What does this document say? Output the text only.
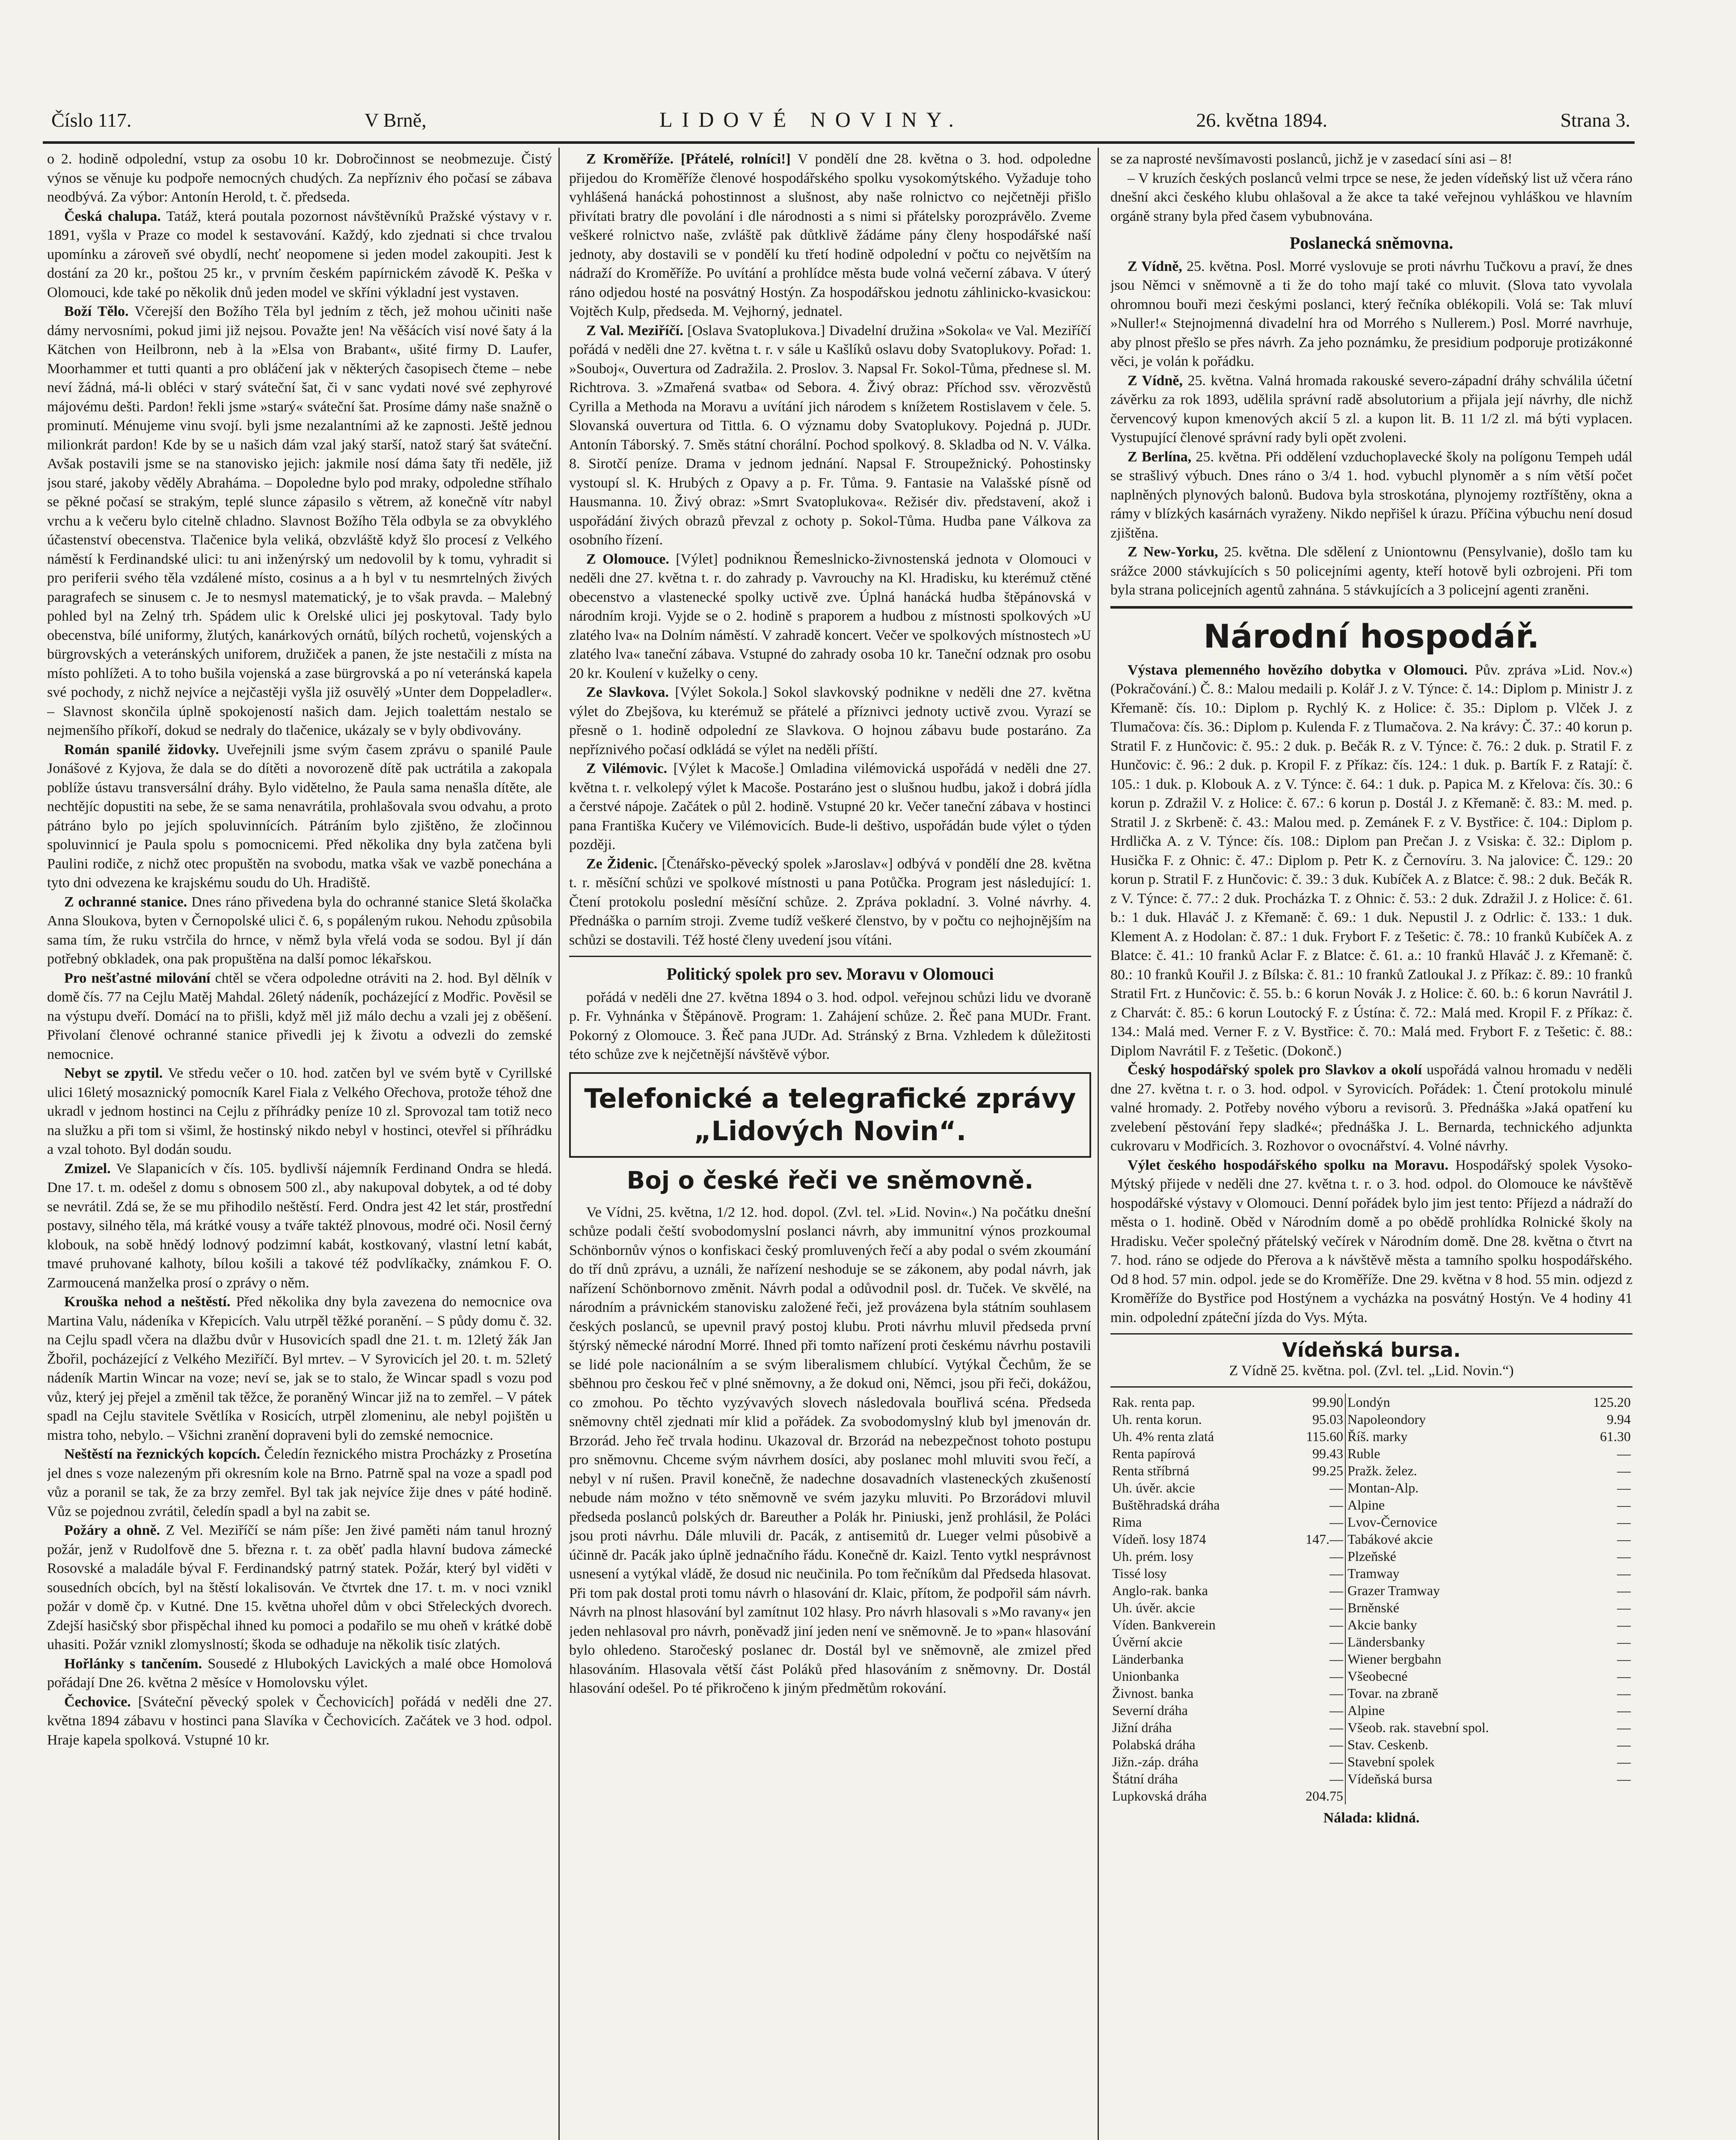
Číslo 117.	V Brně,	LIDOVÉ NOVINY.	26. května 1894.	Strana 3.

o 2. hodině odpolední, vstup za osobu 10 kr. Dobročinnost se neobmezuje. Čistý výnos se věnuje ku podpoře nemocných chudých. Za nepřízniv ého počasí se zábava neodbývá. Za výbor: Antonín Herold, t. č. předseda.

Česká chalupa. Tatáž, která poutala pozornost návštěvníků Pražské výstavy v r. 1891, vyšla v Praze co model k sestavování. Každý, kdo zjednati si chce trvalou upomínku a zároveň své obydlí, nechť neopomene si jeden model zakoupiti. Jest k dostání za 20 kr., poštou 25 kr., v prvním českém papírnickém závodě K. Peška v Olomouci, kde také po několik dnů jeden model ve skříni výkladní jest vystaven.

Boží Tělo. Včerejší den Božího Těla byl jedním z těch, jež mohou učiniti naše dámy nervosními, pokud jimi již nejsou. Považte jen! Na věšácích visí nové šaty á la Kätchen von Heilbronn, neb à la »Elsa von Brabant«, ušité firmy D. Laufer, Moorhammer et tutti quanti a pro obláčení jak v některých časopisech čteme – nebe neví žádná, má-li obléci v starý sváteční šat, či v sanc vydati nové své zephyrové májovému dešti. Pardon! řekli jsme »starý« sváteční šat. Prosíme dámy naše snažně o prominutí. Ménujeme vinu svojí. byli jsme nezalantními až ke zapnosti. Ještě jednou milionkrát pardon! Kde by se u našich dám vzal jaký starší, natož starý šat sváteční. Avšak postavili jsme se na stanovisko jejich: jakmile nosí dáma šaty tři neděle, již jsou staré, jakoby věděly Abraháma. – Dopoledne bylo pod mraky, odpoledne stříhalo se pěkné počasí se strakým, teplé slunce zápasilo s větrem, až konečně vítr nabyl vrchu a k večeru bylo citelně chladno. Slavnost Božího Těla odbyla se za obvyklého účastenství obecenstva. Tlačenice byla veliká, obzvláště když šlo procesí z Velkého náměstí k Ferdinandské ulici: tu ani inženýrský um nedovolil by k tomu, vyhradit si pro periferii svého těla vzdálené místo, cosinus a a h byl v tu nesmrtelných živých paragrafech se sinusem c. Je to nesmysl matematický, je to však pravda. – Malebný pohled byl na Zelný trh. Spádem ulic k Orelské ulici jej poskytoval. Tady bylo obecenstva, bílé uniformy, žlutých, kanárkových ornátů, bílých rochetů, vojenských a bürgrovských a veteránských uniforem, družiček a panen, že jste nestačili z místa na místo pohlížeti. A to toho bušila vojenská a zase bürgrovská a po ní veteránská kapela své pochody, z nichž nejvíce a nejčastěji vyšla již osuvělý »Unter dem Doppeladler«. – Slavnost skončila úplně spokojeností našich dam. Jejich toalettám nestalo se nejmenšího příkoří, dokud se nedraly do tlačenice, ukázaly se v byly obdivovány.

Román spanilé židovky. Uveřejnili jsme svým časem zprávu o spanilé Paule Jonášové z Kyjova, že dala se do dítěti a novorozeně dítě pak uctrátila a zakopala poblíže ústavu transversální dráhy. Bylo vidětelno, že Paula sama nenašla dítěte, ale nechtějíc dopustiti na sebe, že se sama nenavrátila, prohlašovala svou odvahu, a proto pátráno bylo po jejích spoluvinnících. Pátráním bylo zjištěno, že zločinnou spoluvinnicí je Paula spolu s pomocnicemi. Před několika dny byla zatčena byli Paulini rodiče, z nichž otec propuštěn na svobodu, matka však ve vazbě ponechána a tyto dni odvezena ke krajskému soudu do Uh. Hradiště.

Z ochranné stanice. Dnes ráno přivedena byla do ochranné stanice Sletá školačka Anna Sloukova, byten v Černopolské ulici č. 6, s popáleným rukou. Nehodu způsobila sama tím, že ruku vstrčila do hrnce, v němž byla vřelá voda se sodou. Byl jí dán potřebný obkladek, ona pak propuštěna na další pomoc lékařskou.

Pro nešťastné milování chtěl se včera odpoledne otráviti na 2. hod. Byl dělník v domě čís. 77 na Cejlu Matěj Mahdal. 26letý nádeník, pocházející z Modřic. Pověsil se na výstupu dveří. Domácí na to přišli, když měl již málo dechu a vzali jej z oběšení. Přivolaní členové ochranné stanice přivedli jej k životu a odvezli do zemské nemocnice.

Nebyt se zpytil. Ve středu večer o 10. hod. zatčen byl ve svém bytě v Cyrillské ulici 16letý mosaznický pomocník Karel Fiala z Velkého Ořechova, protože téhož dne ukradl v jednom hostinci na Cejlu z příhrádky peníze 10 zl. Sprovozal tam totiž neco na služku a při tom si všiml, že hostinský nikdo nebyl v hostinci, otevřel si příhrádku a vzal tohoto. Byl dodán soudu.

Zmizel. Ve Slapanicích v čís. 105. bydlivší nájemník Ferdinand Ondra se hledá. Dne 17. t. m. odešel z domu s obnosem 500 zl., aby nakupoval dobytek, a od té doby se nevrátil. Zdá se, že se mu přihodilo neštěstí. Ferd. Ondra jest 42 let stár, prostřední postavy, silného těla, má krátké vousy a tváře taktéž plnovous, modré oči. Nosil černý klobouk, na sobě hnědý lodnový podzimní kabát, kostkovaný, vlastní letní kabát, tmavé pruhované kalhoty, bílou košili a takové též podvlíkačky, známkou F. O. Zarmoucená manželka prosí o zprávy o něm.

Krouška nehod a neštěstí. Před několika dny byla zavezena do nemocnice ova Martina Valu, nádeníka v Křepicích. Valu utrpěl těžké poranění. – S půdy domu č. 32. na Cejlu spadl včera na dlažbu dvůr v Husovicích spadl dne 21. t. m. 12letý žák Jan Žbořil, pocházející z Velkého Meziříčí. Byl mrtev. – V Syrovicích jel 20. t. m. 52letý nádeník Martin Wincar na voze; neví se, jak se to stalo, že Wincar spadl s vozu pod vůz, který jej přejel a změnil tak těžce, že poraněný Wincar již na to zemřel. – V pátek spadl na Cejlu stavitele Světlíka v Rosicích, utrpěl zlomeninu, ale nebyl pojištěn u mistra toho, nebylo. – Všichni zranění dopraveni byli do zemské nemocnice.

Neštěstí na řeznických kopcích. Čeledín řeznického mistra Procházky z Prosetína jel dnes s voze nalezeným při okresním kole na Brno. Patrně spal na voze a spadl pod vůz a poranil se tak, že za brzy zemřel. Byl tak jak nejvíce žije dnes v páté hodině. Vůz se pojednou zvrátil, čeledín spadl a byl na zabit se.

Požáry a ohně. Z Vel. Meziříčí se nám píše: Jen živé paměti nám tanul hrozný požár, jenž v Rudolfově dne 5. března r. t. za oběť padla hlavní budova zámecké Rosovské a maladále býval F. Ferdinandský patrný statek. Požár, který byl viděti v sousedních obcích, byl na štěstí lokalisován. Ve čtvrtek dne 17. t. m. v noci vznikl požár v domě čp. v Kutné. Dne 15. května uhořel dům v obci Střeleckých dvorech. Zdejší hasičský sbor přispěchal ihned ku pomoci a podařilo se mu oheň v krátké době uhasiti. Požár vznikl zlomyslností; škoda se odhaduje na několik tisíc zlatých.

Hořlánky s tančením. Sousedé z Hlubokých Lavických a malé obce Homolová pořádají Dne 26. května 2 měsíce v Homolovsku výlet.

Čechovice. [Sváteční pěvecký spolek v Čechovicích] pořádá v neděli dne 27. května 1894 zábavu v hostinci pana Slavíka v Čechovicích. Začátek ve 3 hod. odpol. Hraje kapela spolková. Vstupné 10 kr.

Z Kroměříže. [Přátelé, rolníci!] V pondělí dne 28. května o 3. hod. odpoledne přijedou do Kroměříže členové hospodářského spolku vysokomýtského. Vyžaduje toho vyhlášená hanácká pohostinnost a slušnost, aby naše rolnictvo co nejčetněji přišlo přivítati bratry dle povolání i dle národnosti a s nimi si přátelsky porozprávělo. Zveme veškeré rolnictvo naše, zvláště pak důtklivě žádáme pány členy hospodářské naší jednoty, aby dostavili se v pondělí ku třetí hodině odpolední v počtu co největším na nádraží do Kroměříže. Po uvítání a prohlídce města bude volná večerní zábava. V úterý ráno odjedou hosté na posvátný Hostýn. Za hospodářskou jednotu záhlinicko-kvasickou: Vojtěch Kulp, předseda. M. Vejhorný, jednatel.

Z Val. Meziříčí. [Oslava Svatoplukova.] Divadelní družina »Sokola« ve Val. Meziříčí pořádá v neděli dne 27. května t. r. v sále u Kašlíků oslavu doby Svatoplukovy. Pořad: 1. »Souboj«, Ouvertura od Zadražila. 2. Proslov. 3. Napsal Fr. Sokol-Tůma, přednese sl. M. Richtrova. 3. »Zmařená svatba« od Sebora. 4. Živý obraz: Příchod ssv. věrozvěstů Cyrilla a Methoda na Moravu a uvítání jich národem s knížetem Rostislavem v čele. 5. Slovanská ouvertura od Tittla. 6. O významu doby Svatoplukovy. Pojedná p. JUDr. Antonín Táborský. 7. Směs státní chorální. Pochod spolkový. 8. Skladba od N. V. Válka. 8. Sirotčí peníze. Drama v jednom jednání. Napsal F. Stroupežnický. Pohostinsky vystoupí sl. K. Hrubých z Opavy a p. Fr. Tůma. 9. Fantasie na Valašské písně od Hausmanna. 10. Živý obraz: »Smrt Svatoplukova«. Režisér div. představení, akož i uspořádání živých obrazů převzal z ochoty p. Sokol-Tůma. Hudba pane Válkova za osobního řízení.

Z Olomouce. [Výlet] podniknou Řemeslnicko-živnostenská jednota v Olomouci v neděli dne 27. května t. r. do zahrady p. Vavrouchy na Kl. Hradisku, ku kterémuž ctěné obecenstvo a vlastenecké spolky uctivě zve. Úplná hanácká hudba štěpánovská v národním kroji. Vyjde se o 2. hodině s praporem a hudbou z místnosti spolkových »U zlatého lva« na Dolním náměstí. V zahradě koncert. Večer ve spolkových místnostech »U zlatého lva« taneční zábava. Vstupné do zahrady osoba 10 kr. Taneční odznak pro osobu 20 kr. Koulení v kuželky o ceny.

Ze Slavkova. [Výlet Sokola.] Sokol slavkovský podnikne v neděli dne 27. května výlet do Zbejšova, ku kterémuž se přátelé a příznivci jednoty uctivě zvou. Vyrazí se přesně o 1. hodině odpolední ze Slavkova. O hojnou zábavu bude postaráno. Za nepříznivého počasí odkládá se výlet na neděli příští.

Z Vilémovic. [Výlet k Macoše.] Omladina vilémovická uspořádá v neděli dne 27. května t. r. velkolepý výlet k Macoše. Postaráno jest o slušnou hudbu, jakož i dobrá jídla a čerstvé nápoje. Začátek o půl 2. hodině. Vstupné 20 kr. Večer taneční zábava v hostinci pana Františka Kučery ve Vilémovicích. Bude-li deštivo, uspořádán bude výlet o týden později.

Ze Židenic. [Čtenářsko-pěvecký spolek »Jaroslav«] odbývá v pondělí dne 28. května t. r. měsíční schůzi ve spolkové místnosti u pana Potůčka. Program jest následující: 1. Čtení protokolu poslední měsíční schůze. 2. Zpráva pokladní. 3. Volné návrhy. 4. Přednáška o parním stroji. Zveme tudíž veškeré členstvo, by v počtu co nejhojnějším na schůzi se dostavili. Též hosté členy uvedení jsou vítáni.

Politický spolek pro sev. Moravu v Olomouci

pořádá v neděli dne 27. května 1894 o 3. hod. odpol. veřejnou schůzi lidu ve dvoraně p. Fr. Vyhnánka v Štěpánově. Program: 1. Zahájení schůze. 2. Řeč pana MUDr. Frant. Pokorný z Olomouce. 3. Řeč pana JUDr. Ad. Stránský z Brna. Vzhledem k důležitosti této schůze zve k nejčetnější návštěvě výbor.

Telefonické a telegrafické zprávy
„Lidových Novin“.
Boj o české řeči ve sněmovně.

Ve Vídni, 25. května, 1/2 12. hod. dopol. (Zvl. tel. »Lid. Novin«.) Na počátku dnešní schůze podali čeští svobodomyslní poslanci návrh, aby immunitní výnos prozkoumal Schönbornův výnos o konfiskaci český promluvených řečí a aby podal o svém zkoumání do tří dnů zprávu, a uználi, že nařízení neshoduje se se zákonem, aby podal návrh, jak nařízení Schönbornovo změnit. Návrh podal a odůvodnil posl. dr. Tuček. Ve skvělé, na národním a právnickém stanovisku založené řeči, jež provázena byla státním souhlasem českých poslanců, se upevnil pravý postoj klubu. Proti návrhu mluvil předseda první štýrský německé národní Morré. Ihned při tomto nařízení proti českému návrhu postavili se lidé pole nacionálním a se svým liberalismem chlubící. Vytýkal Čechům, že se sběhnou pro českou řeč v plné sněmovny, a že dokud oni, Němci, jsou při řeči, dokážou, co zmohou. Po těchto vyzývavých slovech následovala bouřlivá scéna. Předseda sněmovny chtěl zjednati mír klid a pořádek. Za svobodomyslný klub byl jmenován dr. Brzorád. Jeho řeč trvala hodinu. Ukazoval dr. Brzorád na nebezpečnost tohoto postupu pro sněmovnu. Chceme svým návrhem dosíci, aby poslanec mohl mluviti svou řečí, a nebyl v ní rušen. Pravil konečně, že nadechne dosavadních vlasteneckých zkušeností nebude nám možno v této sněmovně ve svém jazyku mluviti. Po Brzorádovi mluvil předseda poslanců polských dr. Bareuther a Polák hr. Piniuski, jenž prohlásil, že Poláci jsou proti návrhu. Dále mluvili dr. Pacák, z antisemitů dr. Lueger velmi působivě a účinně dr. Pacák jako úplně jednačního řádu. Konečně dr. Kaizl. Tento vytkl nesprávnost usnesení a vytýkal vládě, že dosud nic neučinila. Po tom řečníkům dal Předseda hlasovat. Při tom pak dostal proti tomu návrh o hlasování dr. Klaic, přítom, že podpořil sám návrh. Návrh na plnost hlasování byl zamítnut 102 hlasy. Pro návrh hlasovali s »Mo ravany« jen jeden nehlasoval pro návrh, poněvadž jiní jeden není ve sněmovně. Je to »pan« hlasování bylo ohledeno. Staročeský poslanec dr. Dostál byl ve sněmovně, ale zmizel před hlasováním. Hlasovala větší část Poláků před hlasováním z sněmovny. Dr. Dostál hlasování odešel. Po té přikročeno k jiným předmětům rokování.

se za naprosté nevšímavosti poslanců, jichž je v zasedací síni asi – 8!

– V kruzích českých poslanců velmi trpce se nese, že jeden vídeňský list už včera ráno dnešní akci českého klubu ohlašoval a že akce ta také veřejnou vyhláškou ve hlavním orgáně strany byla před časem vybubnována.

Poslanecká sněmovna.

Z Vídně, 25. května. Posl. Morré vyslovuje se proti návrhu Tučkovu a praví, že dnes jsou Němci v sněmovně a ti že do toho mají také co mluvit. (Slova tato vyvolala ohromnou bouři mezi českými poslanci, který řečníka oblékopili. Volá se: Tak mluví »Nuller!« Stejnojmenná divadelní hra od Morrého s Nullerem.) Posl. Morré navrhuje, aby plnost přešlo se přes návrh. Za jeho poznámku, že presidium podporuje protizákonné věci, je volán k pořádku.

Z Vídně, 25. května. Valná hromada rakouské severo-západní dráhy schválila účetní závěrku za rok 1893, udělila správní radě absolutorium a přijala její návrhy, dle nichž červencový kupon kmenových akcií 5 zl. a kupon lit. B. 11 1/2 zl. má býti vyplacen. Vystupující členové správní rady byli opět zvoleni.

Z Berlína, 25. května. Při oddělení vzduchoplavecké školy na polígonu Tempeh udál se strašlivý výbuch. Dnes ráno o 3/4 1. hod. vybuchl plynoměr a s ním větší počet naplněných plynových balonů. Budova byla stroskotána, plynojemy roztříštěny, okna a rámy v blízkých kasárnách vyraženy. Nikdo nepřišel k úrazu. Příčina výbuchu není dosud zjištěna.

Z New-Yorku, 25. května. Dle sdělení z Uniontownu (Pensylvanie), došlo tam ku srážce 2000 stávkujících s 50 policejními agenty, kteří hotově byli ozbrojeni. Při tom byla strana policejních agentů zahnána. 5 stávkujících a 3 policejní agenti zraněni.

Národní hospodář.

Výstava plemenného hovězího dobytka v Olomouci. Pův. zpráva »Lid. Nov.«) (Pokračování.) Č. 8.: Malou medaili p. Kolář J. z V. Týnce: č. 14.: Diplom p. Ministr J. z Křemaně: čís. 10.: Diplom p. Rychlý K. z Holice: č. 35.: Diplom p. Vlček J. z Tlumačova: čís. 36.: Diplom p. Kulenda F. z Tlumačova. 2. Na krávy: Č. 37.: 40 korun p. Stratil F. z Hunčovic: č. 95.: 2 duk. p. Bečák R. z V. Týnce: č. 76.: 2 duk. p. Stratil F. z Hunčovic: č. 96.: 2 duk. p. Kropil F. z Příkaz: čís. 124.: 1 duk. p. Bartík F. z Ratají: č. 105.: 1 duk. p. Klobouk A. z V. Týnce: č. 64.: 1 duk. p. Papica M. z Křelova: čís. 30.: 6 korun p. Zdražil V. z Holice: č. 67.: 6 korun p. Dostál J. z Křemaně: č. 83.: M. med. p. Stratil J. z Skrbeně: č. 43.: Malou med. p. Zemánek F. z V. Bystřice: č. 104.: Diplom p. Hrdlička A. z V. Týnce: čís. 108.: Diplom pan Prečan J. z Vsiska: č. 32.: Diplom p. Husička F. z Ohnic: č. 47.: Diplom p. Petr K. z Černovíru. 3. Na jalovice: Č. 129.: 20 korun p. Stratil F. z Hunčovic: č. 39.: 3 duk. Kubíček A. z Blatce: č. 98.: 2 duk. Bečák R. z V. Týnce: č. 77.: 2 duk. Procházka T. z Ohnic: č. 53.: 2 duk. Zdražil J. z Holice: č. 61. b.: 1 duk. Hlaváč J. z Křemaně: č. 69.: 1 duk. Nepustil J. z Odrlic: č. 133.: 1 duk. Klement A. z Hodolan: č. 87.: 1 duk. Frybort F. z Tešetic: č. 78.: 10 franků Kubíček A. z Blatce: č. 41.: 10 franků Aclar F. z Blatce: č. 61. a.: 10 franků Hlaváč J. z Křemaně: č. 80.: 10 franků Kouřil J. z Bílska: č. 81.: 10 franků Zatloukal J. z Příkaz: č. 89.: 10 franků Stratil Frt. z Hunčovic: č. 55. b.: 6 korun Novák J. z Holice: č. 60. b.: 6 korun Navrátil J. z Charvát: č. 85.: 6 korun Loutocký F. z Ústína: č. 72.: Malá med. Kropil F. z Příkaz: č. 134.: Malá med. Verner F. z V. Bystřice: č. 70.: Malá med. Frybort F. z Tešetic: č. 88.: Diplom Navrátil F. z Tešetic. (Dokonč.)

Český hospodářský spolek pro Slavkov a okolí uspořádá valnou hromadu v neděli dne 27. května t. r. o 3. hod. odpol. v Syrovicích. Pořádek: 1. Čtení protokolu minulé valné hromady. 2. Potřeby nového výboru a revisorů. 3. Přednáška »Jaká opatření ku zvelebení pěstování řepy sladké«; přednáška J. L. Bernarda, technického adjunkta cukrovaru v Modřicích. 3. Rozhovor o ovocnářství. 4. Volné návrhy.

Výlet českého hospodářského spolku na Moravu. Hospodářský spolek Vysoko-Mýtský přijede v neděli dne 27. května t. r. o 3. hod. odpol. do Olomouce ke návštěvě hospodářské výstavy v Olomouci. Denní pořádek bylo jim jest tento: Příjezd a nádraží do města o 1. hodině. Oběd v Národním domě a po obědě prohlídka Rolnické školy na Hradisku. Večer společný přátelský večírek v Národním domě. Dne 28. května o čtvrt na 7. hod. ráno se odjede do Přerova a k návštěvě města a tamního spolku hospodářského. Od 8 hod. 57 min. odpol. jede se do Kroměříže. Dne 29. května v 8 hod. 55 min. odjezd z Kroměříže do Bystřice pod Hostýnem a vycházka na posvátný Hostýn. Ve 4 hodiny 41 min. odpolední zpáteční jízda do Vys. Mýta.

Vídeňská bursa.
Z Vídně 25. května. pol. (Zvl. tel. „Lid. Novin.“)
Rak. renta pap.	99.90	Londýn	125.20
Uh. renta korun.	95.03	Napoleondory	9.94
Uh. 4% renta zlatá	115.60	Říš. marky	61.30
Renta papírová	99.43	Ruble	—
Renta stříbrná	99.25	Pražk. želez.	—
Uh. úvěr. akcie	—	Montan-Alp.	—
Buštěhradská dráha	—	Alpine	—
Rima	—	Lvov-Černovice	—
Vídeň. losy 1874	147.—	Tabákové akcie	—
Uh. prém. losy	—	Plzeňské	—
Tissé losy	—	Tramway	—
Anglo-rak. banka	—	Grazer Tramway	—
Uh. úvěr. akcie	—	Brněnské	—
Víden. Bankverein	—	Akcie banky	—
Úvěrní akcie	—	Ländersbanky	—
Länderbanka	—	Wiener bergbahn	—
Unionbanka	—	Všeobecné	—
Živnost. banka	—	Tovar. na zbraně	—
Severní dráha	—	Alpine	—
Jižní dráha	—	Všeob. rak. stavební spol.	—
Polabská dráha	—	Stav. Ceskenb.	—
Jižn.-záp. dráha	—	Stavební spolek	—
Štátní dráha	—	Vídeňská bursa	—
Lupkovská dráha	204.75		
Nálada: klidná.
